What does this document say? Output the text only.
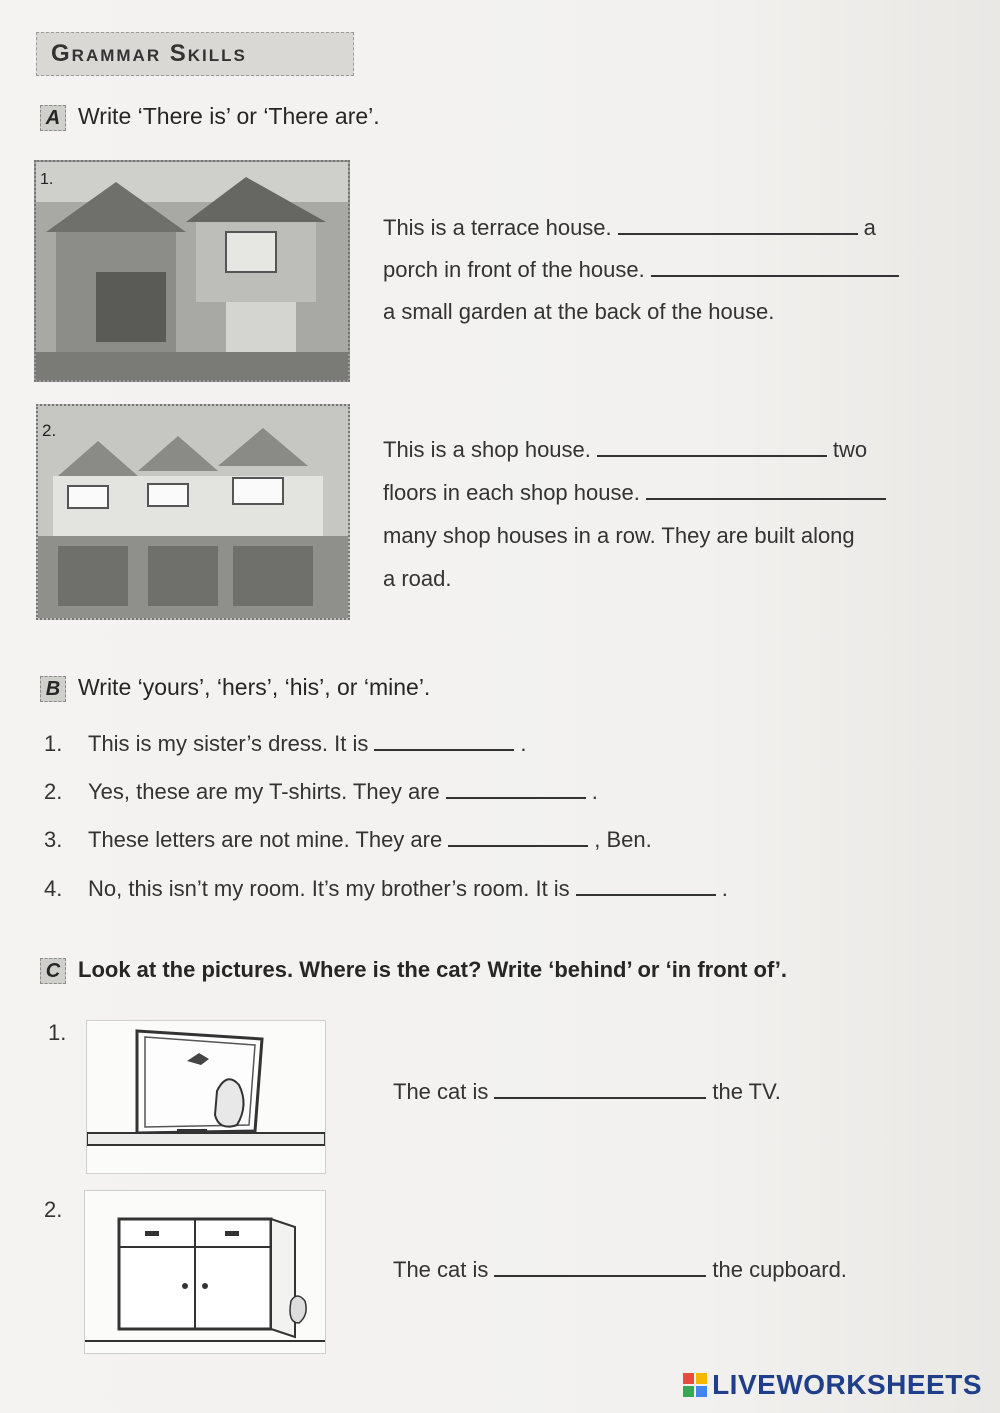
Grammar Skills
A Write ‘There is’ or ‘There are’.
1.
2.
This is a terrace house.	a
porch in front of the house.
a small garden at the back of the house.
This is a shop house.	two
floors in each shop house.
many shop houses in a row. They are built along
a road.
B Write ‘yours’, ‘hers’, ‘his’, or ‘mine’.
1. This is my sister’s dress. It is	.
2. Yes, these are my T-shirts. They are	.
3. These letters are not mine. They are	, Ben.
4. No, this isn’t my room. It’s my brother’s room. It is	.
C Look at the pictures. Where is the cat? Write ‘behind’ or ‘in front of’.
1.
The cat is	the TV.
2.
The cat is	the cupboard.
LIVEWORKSHEETS
